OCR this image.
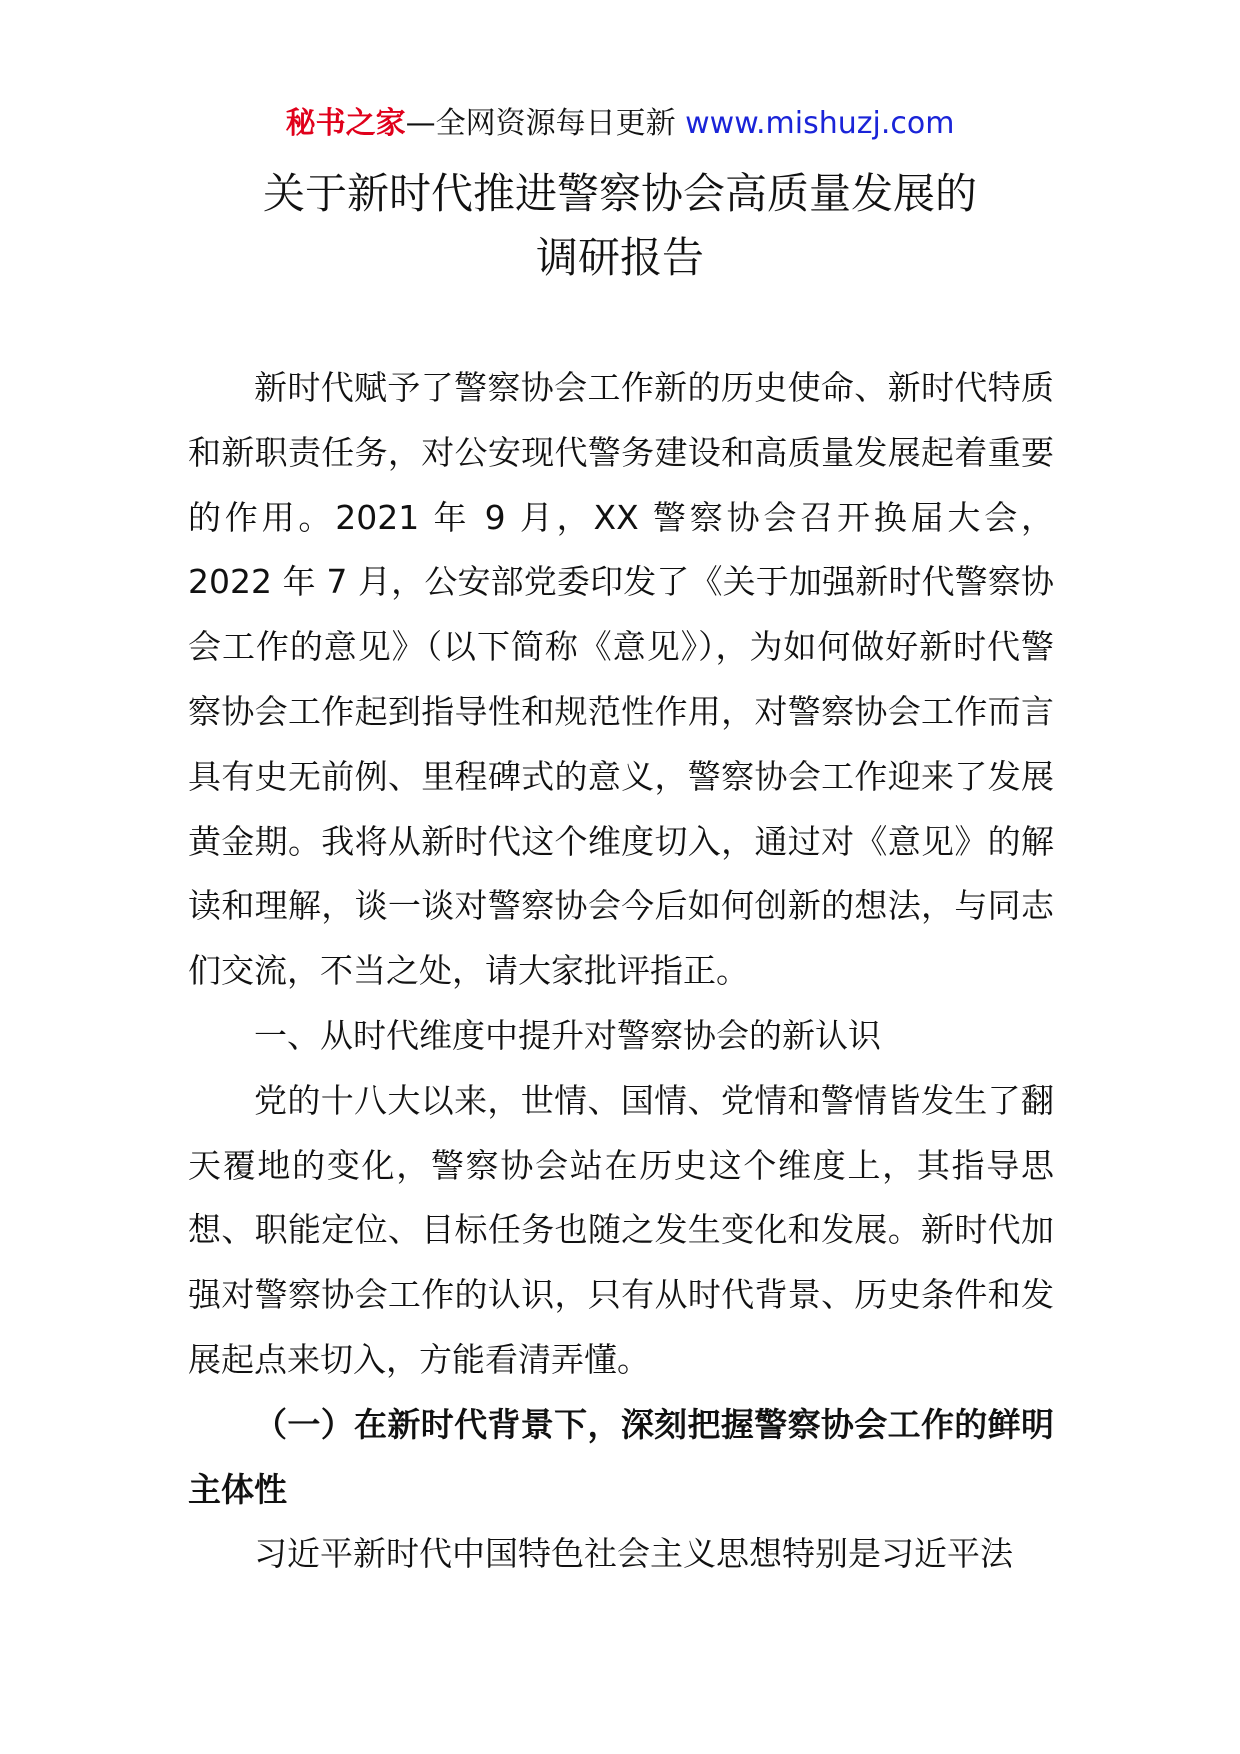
秘书之家—全网资源每日更新 www.mishuzj.com
关于新时代推进警察协会高质量发展的
调研报告

新时代赋予了警察协会工作新的历史使命、新时代特质和新职责任务，对公安现代警务建设和高质量发展起着重要的作用。2021 年 9 月，XX 警察协会召开换届大会，2022 年 7 月，公安部党委印发了《关于加强新时代警察协会工作的意见》（以下简称《意见》），为如何做好新时代警察协会工作起到指导性和规范性作用，对警察协会工作而言具有史无前例、里程碑式的意义，警察协会工作迎来了发展黄金期。我将从新时代这个维度切入，通过对《意见》的解读和理解，谈一谈对警察协会今后如何创新的想法，与同志们交流，不当之处，请大家批评指正。

一、从时代维度中提升对警察协会的新认识

党的十八大以来，世情、国情、党情和警情皆发生了翻天覆地的变化，警察协会站在历史这个维度上，其指导思想、职能定位、目标任务也随之发生变化和发展。新时代加强对警察协会工作的认识，只有从时代背景、历史条件和发展起点来切入，方能看清弄懂。

（一）在新时代背景下，深刻把握警察协会工作的鲜明主体性

习近平新时代中国特色社会主义思想特别是习近平法
